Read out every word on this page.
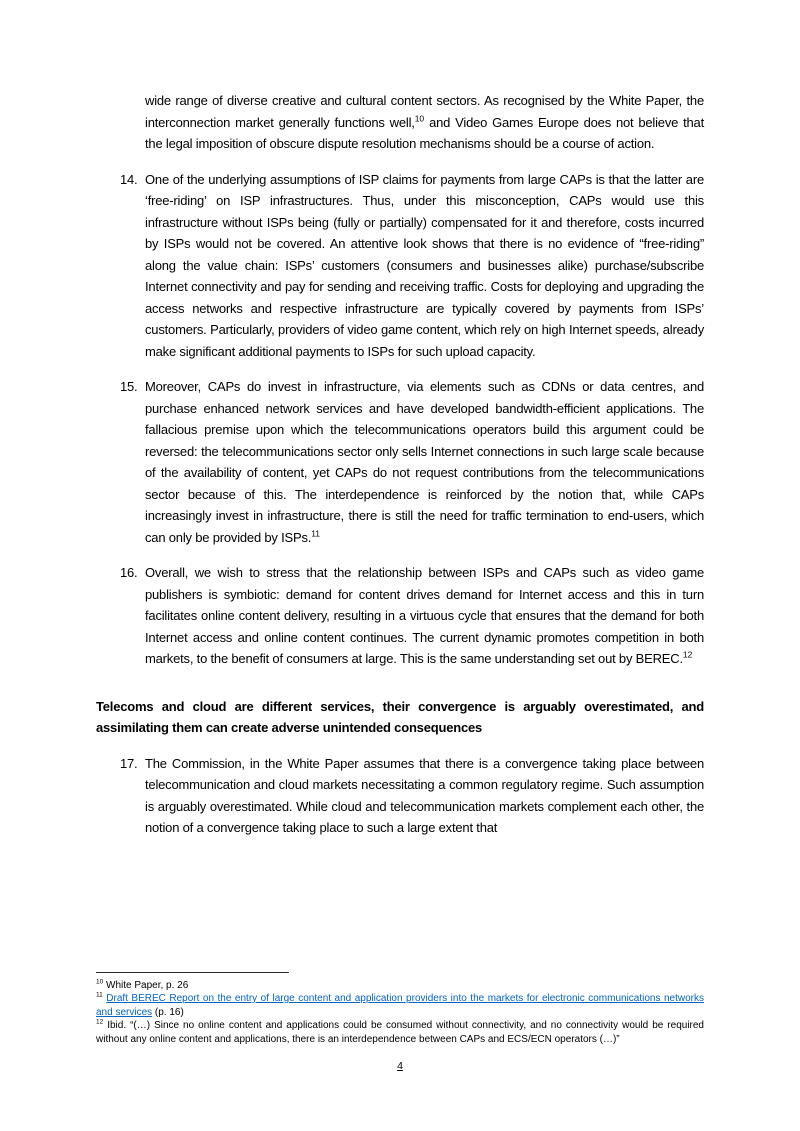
wide range of diverse creative and cultural content sectors. As recognised by the White Paper, the interconnection market generally functions well,$^{10}$ and Video Games Europe does not believe that the legal imposition of obscure dispute resolution mechanisms should be a course of action.

14. One of the underlying assumptions of ISP claims for payments from large CAPs is that the latter are ‘free-riding’ on ISP infrastructures. Thus, under this misconception, CAPs would use this infrastructure without ISPs being (fully or partially) compensated for it and therefore, costs incurred by ISPs would not be covered. An attentive look shows that there is no evidence of “free-riding” along the value chain: ISPs’ customers (consumers and businesses alike) purchase/subscribe Internet connectivity and pay for sending and receiving traffic. Costs for deploying and upgrading the access networks and respective infrastructure are typically covered by payments from ISPs’ customers. Particularly, providers of video game content, which rely on high Internet speeds, already make significant additional payments to ISPs for such upload capacity.

15. Moreover, CAPs do invest in infrastructure, via elements such as CDNs or data centres, and purchase enhanced network services and have developed bandwidth-efficient applications. The fallacious premise upon which the telecommunications operators build this argument could be reversed: the telecommunications sector only sells Internet connections in such large scale because of the availability of content, yet CAPs do not request contributions from the telecommunications sector because of this. The interdependence is reinforced by the notion that, while CAPs increasingly invest in infrastructure, there is still the need for traffic termination to end-users, which can only be provided by ISPs.$^{11}$

16. Overall, we wish to stress that the relationship between ISPs and CAPs such as video game publishers is symbiotic: demand for content drives demand for Internet access and this in turn facilitates online content delivery, resulting in a virtuous cycle that ensures that the demand for both Internet access and online content continues. The current dynamic promotes competition in both markets, to the benefit of consumers at large. This is the same understanding set out by BEREC.$^{12}$

Telecoms and cloud are different services, their convergence is arguably overestimated, and assimilating them can create adverse unintended consequences

17. The Commission, in the White Paper assumes that there is a convergence taking place between telecommunication and cloud markets necessitating a common regulatory regime. Such assumption is arguably overestimated. While cloud and telecommunication markets complement each other, the notion of a convergence taking place to such a large extent that

$^{10}$ White Paper, p. 26

$^{11}$ Draft BEREC Report on the entry of large content and application providers into the markets for electronic communications networks and services (p. 16)

$^{12}$ Ibid. “(…) Since no online content and applications could be consumed without connectivity, and no connectivity would be required without any online content and applications, there is an interdependence between CAPs and ECS/ECN operators (…)”

4
